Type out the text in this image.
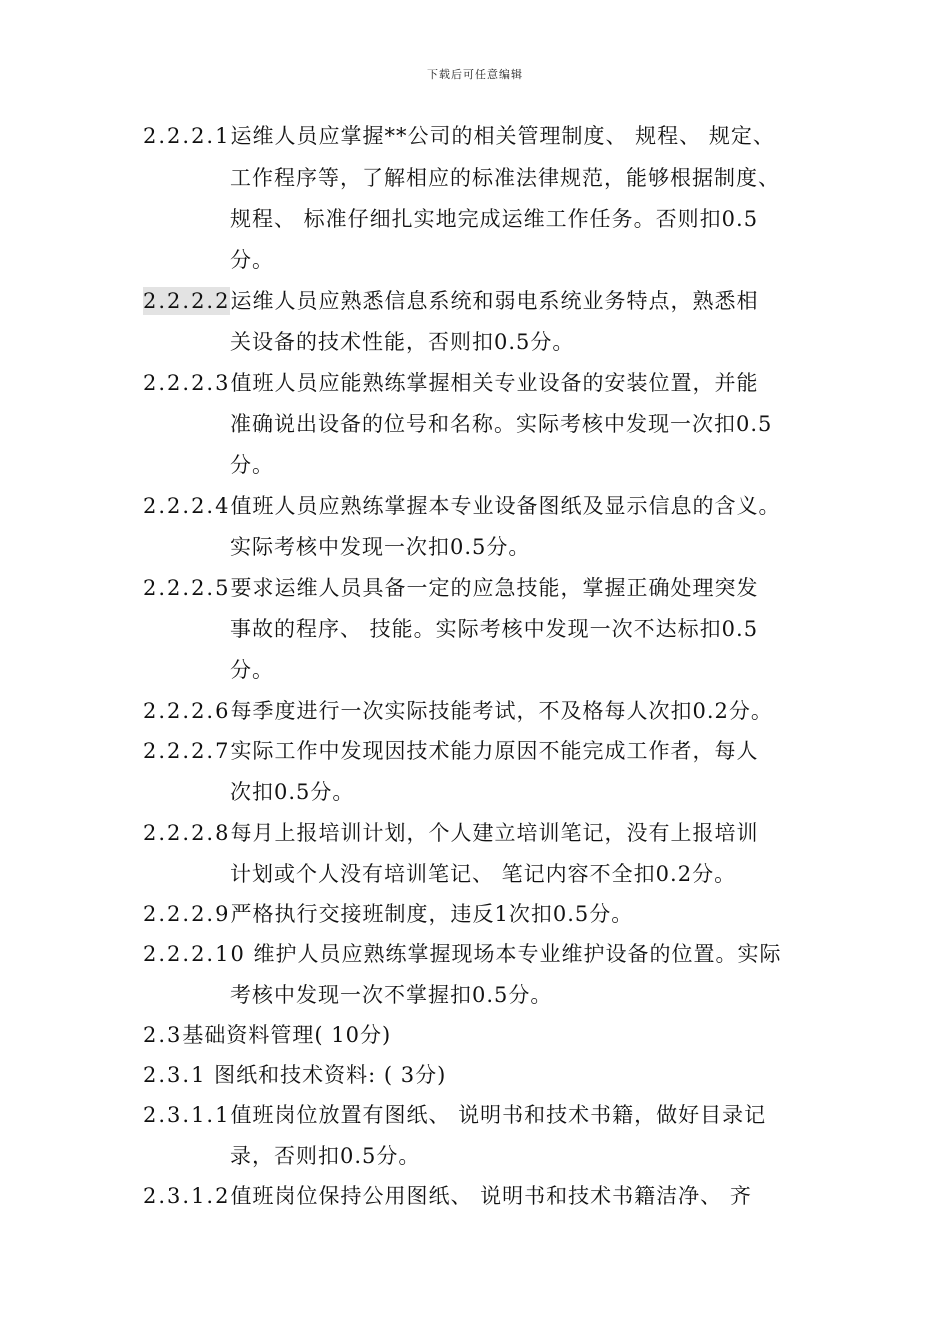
下载后可任意编辑
2.2.2.1运维人员应掌握**公司的相关管理制度、 规程、 规定、
工作程序等，了解相应的标准法律规范，能够根据制度、
规程、 标准仔细扎实地完成运维工作任务。否则扣0.5
分。
2.2.2.2运维人员应熟悉信息系统和弱电系统业务特点，熟悉相
关设备的技术性能，否则扣0.5分。
2.2.2.3值班人员应能熟练掌握相关专业设备的安装位置，并能
准确说出设备的位号和名称。实际考核中发现一次扣0.5
分。
2.2.2.4值班人员应熟练掌握本专业设备图纸及显示信息的含义。
实际考核中发现一次扣0.5分。
2.2.2.5要求运维人员具备一定的应急技能，掌握正确处理突发
事故的程序、 技能。实际考核中发现一次不达标扣0.5
分。
2.2.2.6每季度进行一次实际技能考试，不及格每人次扣0.2分。
2.2.2.7实际工作中发现因技术能力原因不能完成工作者，每人
次扣0.5分。
2.2.2.8每月上报培训计划，个人建立培训笔记，没有上报培训
计划或个人没有培训笔记、 笔记内容不全扣0.2分。
2.2.2.9严格执行交接班制度，违反1次扣0.5分。
2.2.2.10 维护人员应熟练掌握现场本专业维护设备的位置。实际
考核中发现一次不掌握扣0.5分。
2.3基础资料管理( 10分)
2.3.1 图纸和技术资料: ( 3分)
2.3.1.1值班岗位放置有图纸、 说明书和技术书籍，做好目录记
录，否则扣0.5分。
2.3.1.2值班岗位保持公用图纸、 说明书和技术书籍洁净、 齐
